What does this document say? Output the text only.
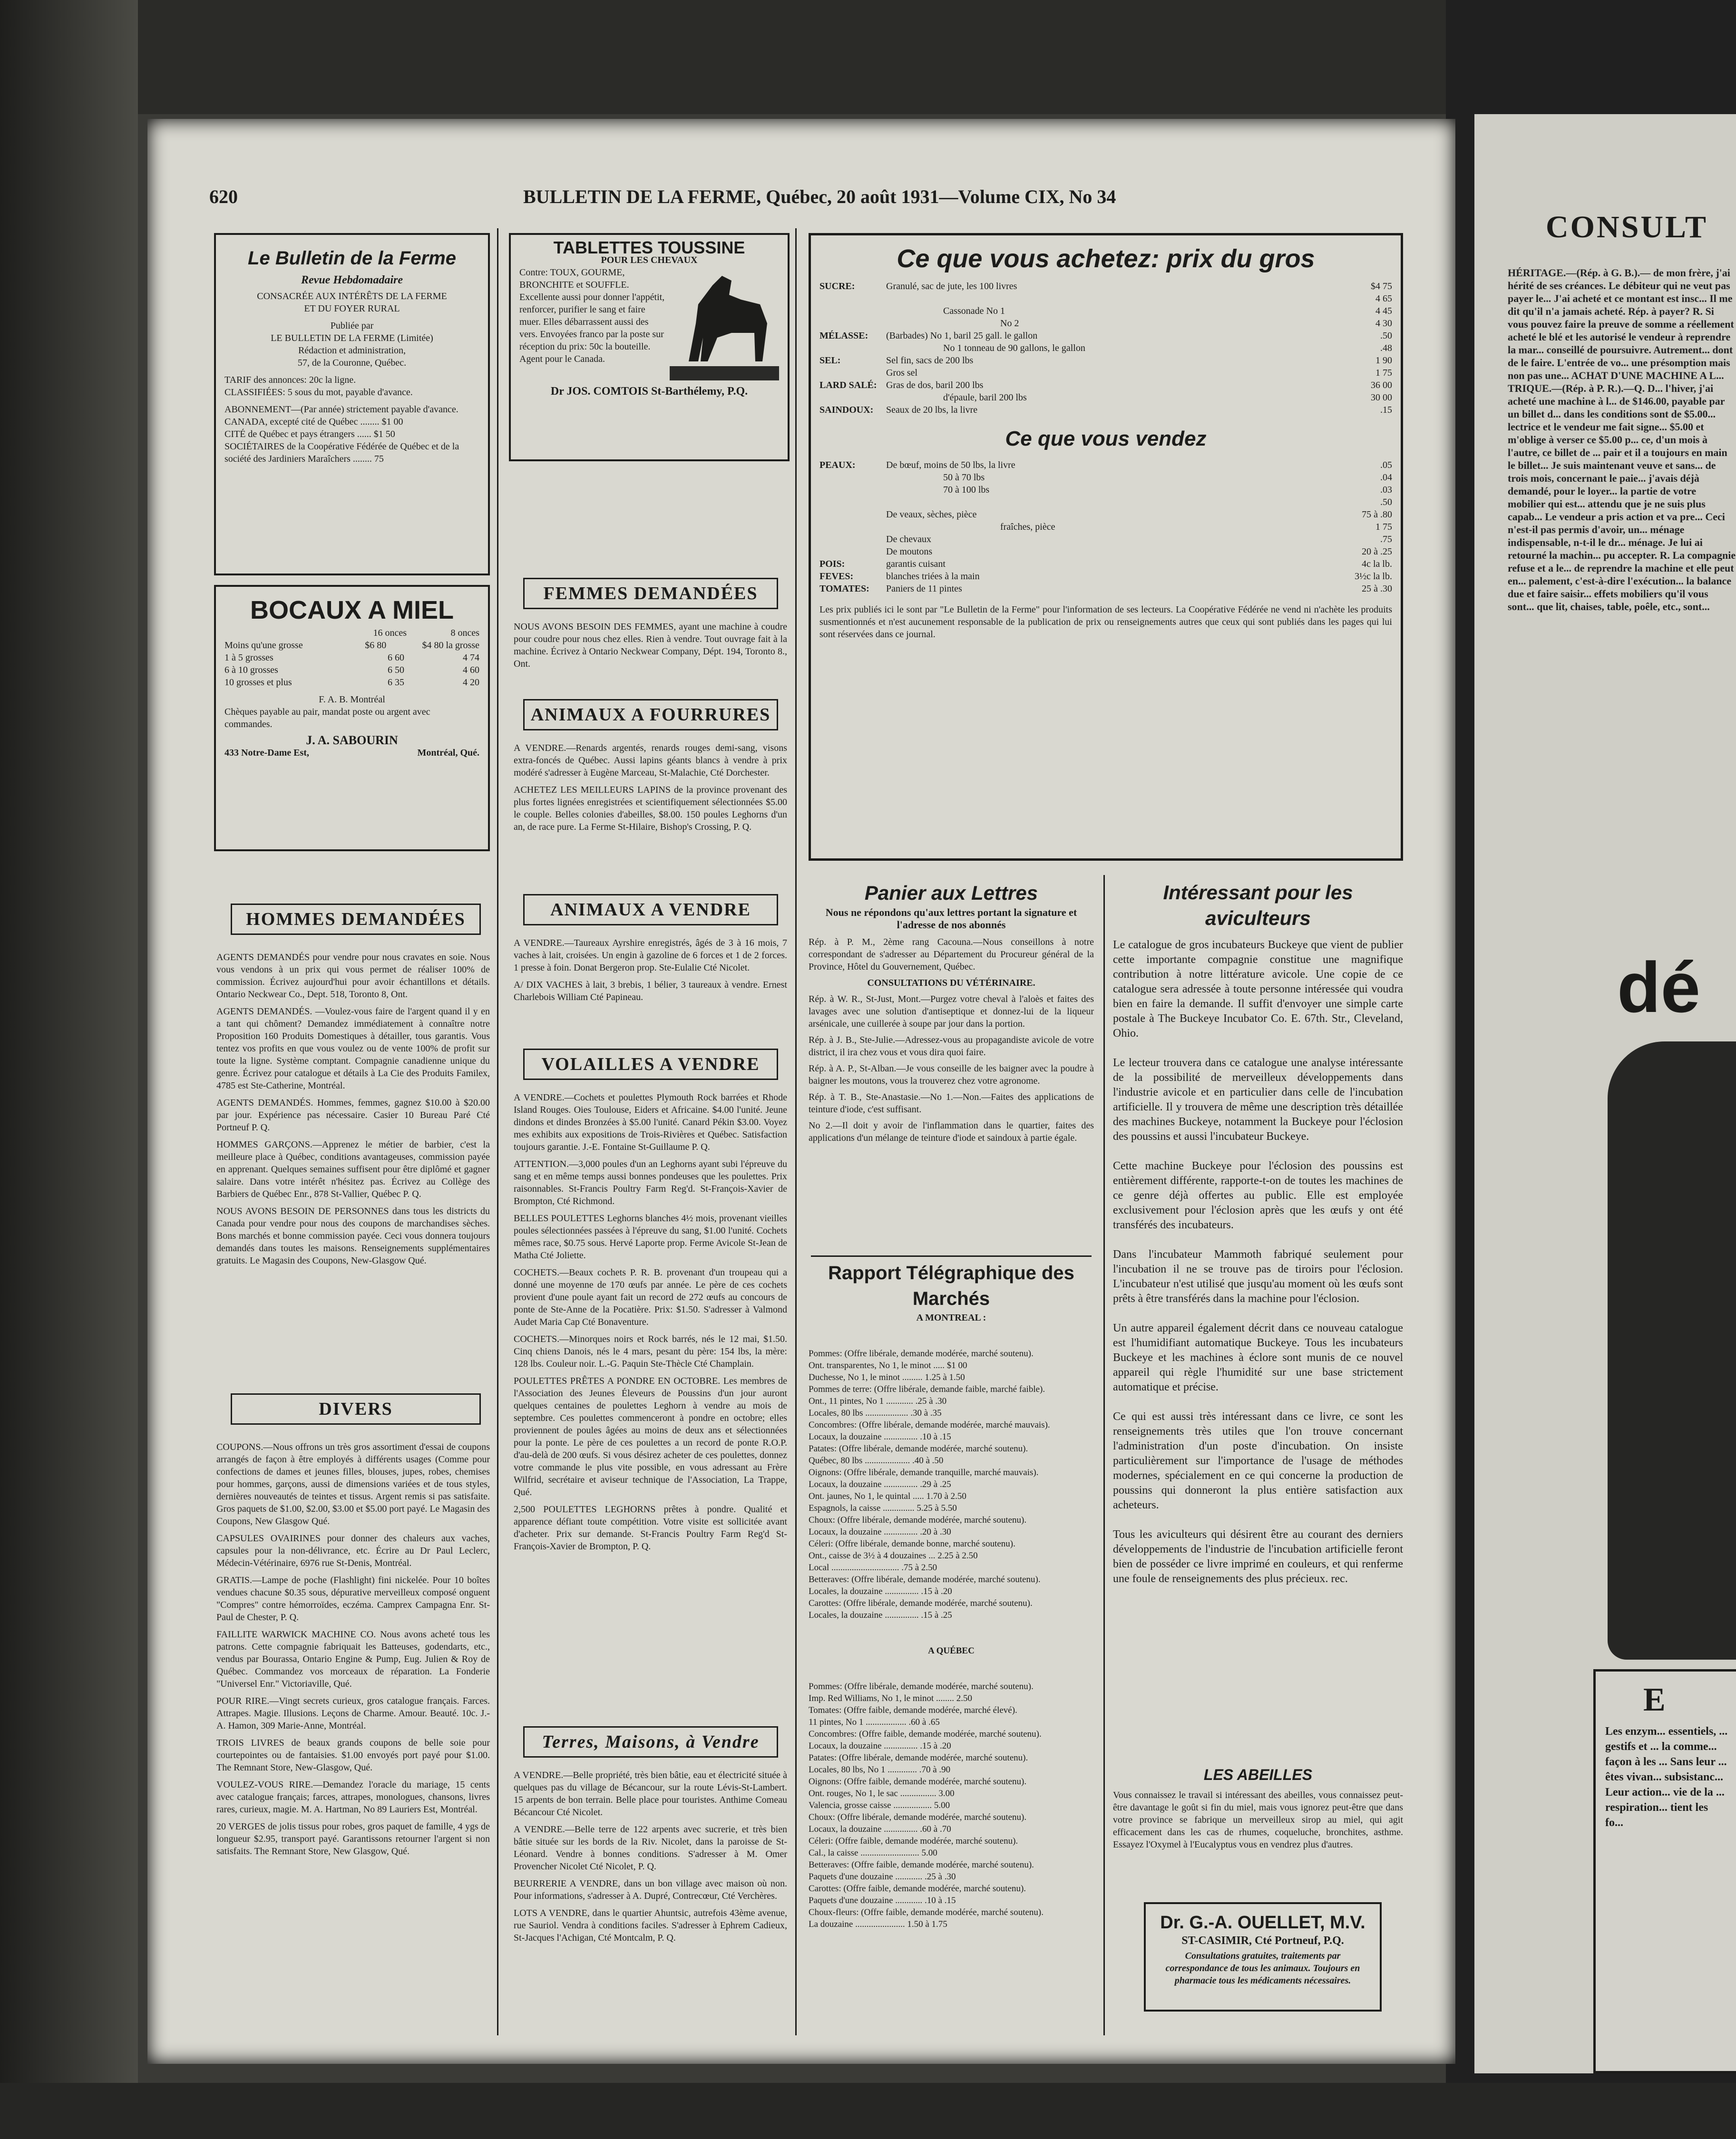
620	BULLETIN DE LA FERME, Québec, 20 août 1931—Volume CIX, No 34
Le Bulletin de la Ferme
Revue Hebdomadaire
CONSACRÉE AUX INTÉRÊTS DE LA FERME
ET DU FOYER RURAL
Publiée par
LE BULLETIN DE LA FERME (Limitée)
Rédaction et administration,
57, de la Couronne, Québec.
TARIF des annonces: 20c la ligne.
CLASSIFIÉES: 5 sous du mot, payable d'avance.
ABONNEMENT—(Par année) strictement payable d'avance.
CANADA, excepté cité de Québec ........ $1 00
CITÉ de Québec et pays étrangers ...... $1 50
SOCIÉTAIRES de la Coopérative Fédérée de Québec et de la société des Jardiniers Maraîchers ........ 75
BOCAUX A MIEL
16 onces	8 onces
Moins qu'une grosse	$6 80	$4 80 la grosse
1 à 5 grosses	6 60	4 74
6 à 10 grosses	6 50	4 60
10 grosses et plus	6 35	4 20
F. A. B. Montréal
Chèques payable au pair, mandat poste ou argent avec commandes.
J. A. SABOURIN
433 Notre-Dame Est,	Montréal, Qué.
HOMMES DEMANDÉES

AGENTS DEMANDÉS pour vendre pour nous cravates en soie. Nous vous vendons à un prix qui vous permet de réaliser 100% de commission. Écrivez aujourd'hui pour avoir échantillons et détails. Ontario Neckwear Co., Dept. 518, Toronto 8, Ont.

AGENTS DEMANDÉS. —Voulez-vous faire de l'argent quand il y en a tant qui chôment? Demandez immédiatement à connaître notre Proposition 160 Produits Domestiques à détailler, tous garantis. Vous tentez vos profits en que vous voulez ou de vente 100% de profit sur toute la ligne. Système comptant. Compagnie canadienne unique du genre. Écrivez pour catalogue et détails à La Cie des Produits Familex, 4785 est Ste-Catherine, Montréal.

AGENTS DEMANDÉS. Hommes, femmes, gagnez $10.00 à $20.00 par jour. Expérience pas nécessaire. Casier 10 Bureau Paré Cté Portneuf P. Q.

HOMMES GARÇONS.—Apprenez le métier de barbier, c'est la meilleure place à Québec, conditions avantageuses, commission payée en apprenant. Quelques semaines suffisent pour être diplômé et gagner salaire. Dans votre intérêt n'hésitez pas. Écrivez au Collège des Barbiers de Québec Enr., 878 St-Vallier, Québec P. Q.

NOUS AVONS BESOIN DE PERSONNES dans tous les districts du Canada pour vendre pour nous des coupons de marchandises sèches. Bons marchés et bonne commission payée. Ceci vous donnera toujours demandés dans toutes les maisons. Renseignements supplémentaires gratuits. Le Magasin des Coupons, New-Glasgow Qué.

DIVERS

COUPONS.—Nous offrons un très gros assortiment d'essai de coupons arrangés de façon à être employés à différents usages (Comme pour confections de dames et jeunes filles, blouses, jupes, robes, chemises pour hommes, garçons, aussi de dimensions variées et de tous styles, dernières nouveautés de teintes et tissus. Argent remis si pas satisfaite. Gros paquets de $1.00, $2.00, $3.00 et $5.00 port payé. Le Magasin des Coupons, New Glasgow Qué.

CAPSULES OVAIRINES pour donner des chaleurs aux vaches, capsules pour la non-délivrance, etc. Écrire au Dr Paul Leclerc, Médecin-Vétérinaire, 6976 rue St-Denis, Montréal.

GRATIS.—Lampe de poche (Flashlight) fini nickelée. Pour 10 boîtes vendues chacune $0.35 sous, dépurative merveilleux composé onguent "Compres" contre hémorroïdes, eczéma. Camprex Campagna Enr. St-Paul de Chester, P. Q.

FAILLITE WARWICK MACHINE CO. Nous avons acheté tous les patrons. Cette compagnie fabriquait les Batteuses, godendarts, etc., vendus par Bourassa, Ontario Engine & Pump, Eug. Julien & Roy de Québec. Commandez vos morceaux de réparation. La Fonderie "Universel Enr." Victoriaville, Qué.

POUR RIRE.—Vingt secrets curieux, gros catalogue français. Farces. Attrapes. Magie. Illusions. Leçons de Charme. Amour. Beauté. 10c. J.-A. Hamon, 309 Marie-Anne, Montréal.

TROIS LIVRES de beaux grands coupons de belle soie pour courtepointes ou de fantaisies. $1.00 envoyés port payé pour $1.00. The Remnant Store, New-Glasgow, Qué.

VOULEZ-VOUS RIRE.—Demandez l'oracle du mariage, 15 cents avec catalogue français; farces, attrapes, monologues, chansons, livres rares, curieux, magie. M. A. Hartman, No 89 Lauriers Est, Montréal.

20 VERGES de jolis tissus pour robes, gros paquet de famille, 4 ygs de longueur $2.95, transport payé. Garantissons retourner l'argent si non satisfaits. The Remnant Store, New Glasgow, Qué.

TABLETTES TOUSSINE
POUR LES CHEVAUX
Contre: TOUX, GOURME, BRONCHITE et SOUFFLE. Excellente aussi pour donner l'appétit, renforcer, purifier le sang et faire muer. Elles débarrassent aussi des vers. Envoyées franco par la poste sur réception du prix: 50c la bouteille. Agent pour le Canada.
Dr JOS. COMTOIS St-Barthélemy, P.Q.
FEMMES DEMANDÉES

NOUS AVONS BESOIN DES FEMMES, ayant une machine à coudre pour coudre pour nous chez elles. Rien à vendre. Tout ouvrage fait à la machine. Écrivez à Ontario Neckwear Company, Dépt. 194, Toronto 8., Ont.

ANIMAUX A FOURRURES

A VENDRE.—Renards argentés, renards rouges demi-sang, visons extra-foncés de Québec. Aussi lapins géants blancs à vendre à prix modéré s'adresser à Eugène Marceau, St-Malachie, Cté Dorchester.

ACHETEZ LES MEILLEURS LAPINS de la province provenant des plus fortes lignées enregistrées et scientifiquement sélectionnées $5.00 le couple. Belles colonies d'abeilles, $8.00. 150 poules Leghorns d'un an, de race pure. La Ferme St-Hilaire, Bishop's Crossing, P. Q.

ANIMAUX A VENDRE

A VENDRE.—Taureaux Ayrshire enregistrés, âgés de 3 à 16 mois, 7 vaches à lait, croisées. Un engin à gazoline de 6 forces et 1 de 2 forces. 1 presse à foin. Donat Bergeron prop. Ste-Eulalie Cté Nicolet.

A/ DIX VACHES à lait, 3 brebis, 1 bélier, 3 taureaux à vendre. Ernest Charlebois William Cté Papineau.

VOLAILLES A VENDRE

A VENDRE.—Cochets et poulettes Plymouth Rock barrées et Rhode Island Rouges. Oies Toulouse, Eiders et Africaine. $4.00 l'unité. Jeune dindons et dindes Bronzées à $5.00 l'unité. Canard Pékin $3.00. Voyez mes exhibits aux expositions de Trois-Rivières et Québec. Satisfaction toujours garantie. J.-E. Fontaine St-Guillaume P. Q.

ATTENTION.—3,000 poules d'un an Leghorns ayant subi l'épreuve du sang et en même temps aussi bonnes pondeuses que les poulettes. Prix raisonnables. St-Francis Poultry Farm Reg'd. St-François-Xavier de Brompton, Cté Richmond.

BELLES POULETTES Leghorns blanches 4½ mois, provenant vieilles poules sélectionnées passées à l'épreuve du sang, $1.00 l'unité. Cochets mêmes race, $0.75 sous. Hervé Laporte prop. Ferme Avicole St-Jean de Matha Cté Joliette.

COCHETS.—Beaux cochets P. R. B. provenant d'un troupeau qui a donné une moyenne de 170 œufs par année. Le père de ces cochets provient d'une poule ayant fait un record de 272 œufs au concours de ponte de Ste-Anne de la Pocatière. Prix: $1.50. S'adresser à Valmond Audet Maria Cap Cté Bonaventure.

COCHETS.—Minorques noirs et Rock barrés, nés le 12 mai, $1.50. Cinq chiens Danois, nés le 4 mars, pesant du père: 154 lbs, la mère: 128 lbs. Couleur noir. L.-G. Paquin Ste-Thècle Cté Champlain.

POULETTES PRÊTES A PONDRE EN OCTOBRE. Les membres de l'Association des Jeunes Éleveurs de Poussins d'un jour auront quelques centaines de poulettes Leghorn à vendre au mois de septembre. Ces poulettes commenceront à pondre en octobre; elles proviennent de poules âgées au moins de deux ans et sélectionnées pour la ponte. Le père de ces poulettes a un record de ponte R.O.P. d'au-delà de 200 œufs. Si vous désirez acheter de ces poulettes, donnez votre commande le plus vite possible, en vous adressant au Frère Wilfrid, secrétaire et aviseur technique de l'Association, La Trappe, Qué.

2,500 POULETTES LEGHORNS prêtes à pondre. Qualité et apparence défiant toute compétition. Votre visite est sollicitée avant d'acheter. Prix sur demande. St-Francis Poultry Farm Reg'd St-François-Xavier de Brompton, P. Q.

Terres, Maisons, à Vendre

A VENDRE.—Belle propriété, très bien bâtie, eau et électricité située à quelques pas du village de Bécancour, sur la route Lévis-St-Lambert. 15 arpents de bon terrain. Belle place pour touristes. Anthime Comeau Bécancour Cté Nicolet.

A VENDRE.—Belle terre de 122 arpents avec sucrerie, et très bien bâtie située sur les bords de la Riv. Nicolet, dans la paroisse de St-Léonard. Vendre à bonnes conditions. S'adresser à M. Omer Provencher Nicolet Cté Nicolet, P. Q.

BEURRERIE A VENDRE, dans un bon village avec maison où non. Pour informations, s'adresser à A. Dupré, Contrecœur, Cté Verchères.

LOTS A VENDRE, dans le quartier Ahuntsic, autrefois 43ème avenue, rue Sauriol. Vendra à conditions faciles. S'adresser à Ephrem Cadieux, St-Jacques l'Achigan, Cté Montcalm, P. Q.

Ce que vous achetez: prix du gros
SUCRE:	Granulé, sac de jute, les 100 livres	$4 75
4 65
Cassonade No 1	4 45
No 2	4 30
MÉLASSE:	(Barbades) No 1, baril 25 gall. le gallon	.50
No 1 tonneau de 90 gallons, le gallon	.48
SEL:	Sel fin, sacs de 200 lbs	1 90
Gros sel	1 75
LARD SALÉ: Gras de dos, baril 200 lbs	36 00
d'épaule, baril 200 lbs	30 00
SAINDOUX:	Seaux de 20 lbs, la livre	.15
Ce que vous vendez
PEAUX:	De bœuf, moins de 50 lbs, la livre	.05
50 à 70 lbs	.04
70 à 100 lbs	.03
.50
De veaux, sèches, pièce	75 à .80
fraîches, pièce	1 75
De chevaux	.75
De moutons	20 à .25
POIS:	garantis cuisant	4c la lb.
FEVES:	blanches triées à la main	3½c la lb.
TOMATES:	Paniers de 11 pintes	25 à .30
Les prix publiés ici le sont par "Le Bulletin de la Ferme" pour l'information de ses lecteurs. La Coopérative Fédérée ne vend ni n'achète les produits susmentionnés et n'est aucunement responsable de la publication de prix ou renseignements autres que ceux qui sont publiés dans les pages qui lui sont réservées dans ce journal.
Panier aux Lettres
Nous ne répondons qu'aux lettres portant la signature et l'adresse de nos abonnés

Rép. à P. M., 2ème rang Cacouna.—Nous conseillons à notre correspondant de s'adresser au Département du Procureur général de la Province, Hôtel du Gouvernement, Québec.

CONSULTATIONS DU VÉTÉRINAIRE.

Rép. à W. R., St-Just, Mont.—Purgez votre cheval à l'aloès et faites des lavages avec une solution d'antiseptique et donnez-lui de la liqueur arsénicale, une cuillerée à soupe par jour dans la portion.

Rép. à J. B., Ste-Julie.—Adressez-vous au propagandiste avicole de votre district, il ira chez vous et vous dira quoi faire.

Rép. à A. P., St-Alban.—Je vous conseille de les baigner avec la poudre à baigner les moutons, vous la trouverez chez votre agronome.

Rép. à T. B., Ste-Anastasie.—No 1.—Non.—Faites des applications de teinture d'iode, c'est suffisant.

No 2.—Il doit y avoir de l'inflammation dans le quartier, faites des applications d'un mélange de teinture d'iode et saindoux à partie égale.

Rapport Télégraphique des Marchés
A MONTREAL :

Pommes: (Offre libérale, demande modérée, marché soutenu).
Ont. transparentes, No 1, le minot ..... $1 00
Duchesse, No 1, le minot ......... 1.25 à 1.50
Pommes de terre: (Offre libérale, demande faible, marché faible).
Ont., 11 pintes, No 1 ............ .25 à .30
Locales, 80 lbs ................... .30 à .35
Concombres: (Offre libérale, demande modérée, marché mauvais).
Locaux, la douzaine ............... .10 à .15
Patates: (Offre libérale, demande modérée, marché soutenu).
Québec, 80 lbs .................... .40 à .50
Oignons: (Offre libérale, demande tranquille, marché mauvais).
Locaux, la douzaine ............... .29 à .25
Ont. jaunes, No 1, le quintal ..... 1.70 à 2.50
Espagnols, la caisse .............. 5.25 à 5.50
Choux: (Offre libérale, demande modérée, marché soutenu).
Locaux, la douzaine ............... .20 à .30
Céleri: (Offre libérale, demande bonne, marché soutenu).
Ont., caisse de 3½ à 4 douzaines ... 2.25 à 2.50
Local .............................. .75 à 2.50
Betteraves: (Offre libérale, demande modérée, marché soutenu).
Locales, la douzaine ............... .15 à .20
Carottes: (Offre libérale, demande modérée, marché soutenu).
Locales, la douzaine ............... .15 à .25

A QUÉBEC

Pommes: (Offre libérale, demande modérée, marché soutenu).
Imp. Red Williams, No 1, le minot ........ 2.50
Tomates: (Offre faible, demande modérée, marché élevé).
11 pintes, No 1 .................. .60 à .65
Concombres: (Offre faible, demande modérée, marché soutenu).
Locaux, la douzaine ............... .15 à .20
Patates: (Offre libérale, demande modérée, marché soutenu).
Locales, 80 lbs, No 1 ............. .70 à .90
Oignons: (Offre faible, demande modérée, marché soutenu).
Ont. rouges, No 1, le sac ................ 3.00
Valencia, grosse caisse ................. 5.00
Choux: (Offre libérale, demande modérée, marché soutenu).
Locaux, la douzaine ............... .60 à .70
Céleri: (Offre faible, demande modérée, marché soutenu).
Cal., la caisse .......................... 5.00
Betteraves: (Offre faible, demande modérée, marché soutenu).
Paquets d'une douzaine ............ .25 à .30
Carottes: (Offre faible, demande modérée, marché soutenu).
Paquets d'une douzaine ............ .10 à .15
Choux-fleurs: (Offre faible, demande modérée, marché soutenu).
La douzaine ...................... 1.50 à 1.75

Intéressant pour les aviculteurs
Le catalogue de gros incubateurs Buckeye que vient de publier cette importante compagnie constitue une magnifique contribution à notre littérature avicole. Une copie de ce catalogue sera adressée à toute personne intéressée qui voudra bien en faire la demande. Il suffit d'envoyer une simple carte postale à The Buckeye Incubator Co. E. 67th. Str., Cleveland, Ohio.

Le lecteur trouvera dans ce catalogue une analyse intéressante de la possibilité de merveilleux développements dans l'industrie avicole et en particulier dans celle de l'incubation artificielle. Il y trouvera de même une description très détaillée des machines Buckeye, notamment la Buckeye pour l'éclosion des poussins et aussi l'incubateur Buckeye.

Cette machine Buckeye pour l'éclosion des poussins est entièrement différente, rapporte-t-on de toutes les machines de ce genre déjà offertes au public. Elle est employée exclusivement pour l'éclosion après que les œufs y ont été transférés des incubateurs.

Dans l'incubateur Mammoth fabriqué seulement pour l'incubation il ne se trouve pas de tiroirs pour l'éclosion. L'incubateur n'est utilisé que jusqu'au moment où les œufs sont prêts à être transférés dans la machine pour l'éclosion.

Un autre appareil également décrit dans ce nouveau catalogue est l'humidifiant automatique Buckeye. Tous les incubateurs Buckeye et les machines à éclore sont munis de ce nouvel appareil qui règle l'humidité sur une base strictement automatique et précise.

Ce qui est aussi très intéressant dans ce livre, ce sont les renseignements très utiles que l'on trouve concernant l'administration d'un poste d'incubation. On insiste particulièrement sur l'importance de l'usage de méthodes modernes, spécialement en ce qui concerne la production de poussins qui donneront la plus entière satisfaction aux acheteurs.

Tous les aviculteurs qui désirent être au courant des derniers développements de l'industrie de l'incubation artificielle feront bien de posséder ce livre imprimé en couleurs, et qui renferme une foule de renseignements des plus précieux. rec.
LES ABEILLES
Vous connaissez le travail si intéressant des abeilles, vous connaissez peut-être davantage le goût si fin du miel, mais vous ignorez peut-être que dans votre province se fabrique un merveilleux sirop au miel, qui agit efficacement dans les cas de rhumes, coqueluche, bronchites, asthme. Essayez l'Oxymel à l'Eucalyptus vous en vendrez plus d'autres.
Dr. G.-A. OUELLET, M.V.
ST-CASIMIR, Cté Portneuf, P.Q.
Consultations gratuites, traitements par correspondance de tous les animaux. Toujours en pharmacie tous les médicaments nécessaires.
CONSULT
HÉRITAGE.—(Rép. à G. B.).— de mon frère, j'ai hérité de ses créances. Le débiteur qui ne veut pas payer le... J'ai acheté et ce montant est insc... Il me dit qu'il n'a jamais acheté. Rép. à payer? R. Si vous pouvez faire la preuve de somme a réellement acheté le blé et les autorisé le vendeur à reprendre la mar... conseillé de poursuivre. Autrement... dont de le faire. L'entrée de vo... une présomption mais non pas une... ACHAT D'UNE MACHINE A L... TRIQUE.—(Rép. à P. R.).—Q. D... l'hiver, j'ai acheté une machine à l... de $146.00, payable par un billet d... dans les conditions sont de $5.00... lectrice et le vendeur me fait signe... $5.00 et m'oblige à verser ce $5.00 p... ce, d'un mois à l'autre, ce billet de ... pair et il a toujours en main le billet... Je suis maintenant veuve et sans... de trois mois, concernant le paie... j'avais déjà demandé, pour le loyer... la partie de votre mobilier qui est... attendu que je ne suis plus capab... Le vendeur a pris action et va pre... Ceci n'est-il pas permis d'avoir, un... ménage indispensable, n-t-il le dr... ménage. Je lui ai retourné la machin... pu accepter. R. La compagnie refuse et a le... de reprendre la machine et elle peut en... palement, c'est-à-dire l'exécution... la balance due et faire saisir... effets mobiliers qu'il vous sont... que lit, chaises, table, poêle, etc., sont...
dé
E
Les enzym... essentiels, ... gestifs et ... la comme... façon à les ... Sans leur ... êtes vivan... subsistanc... Leur action... vie de la ... respiration... tient les fo...
